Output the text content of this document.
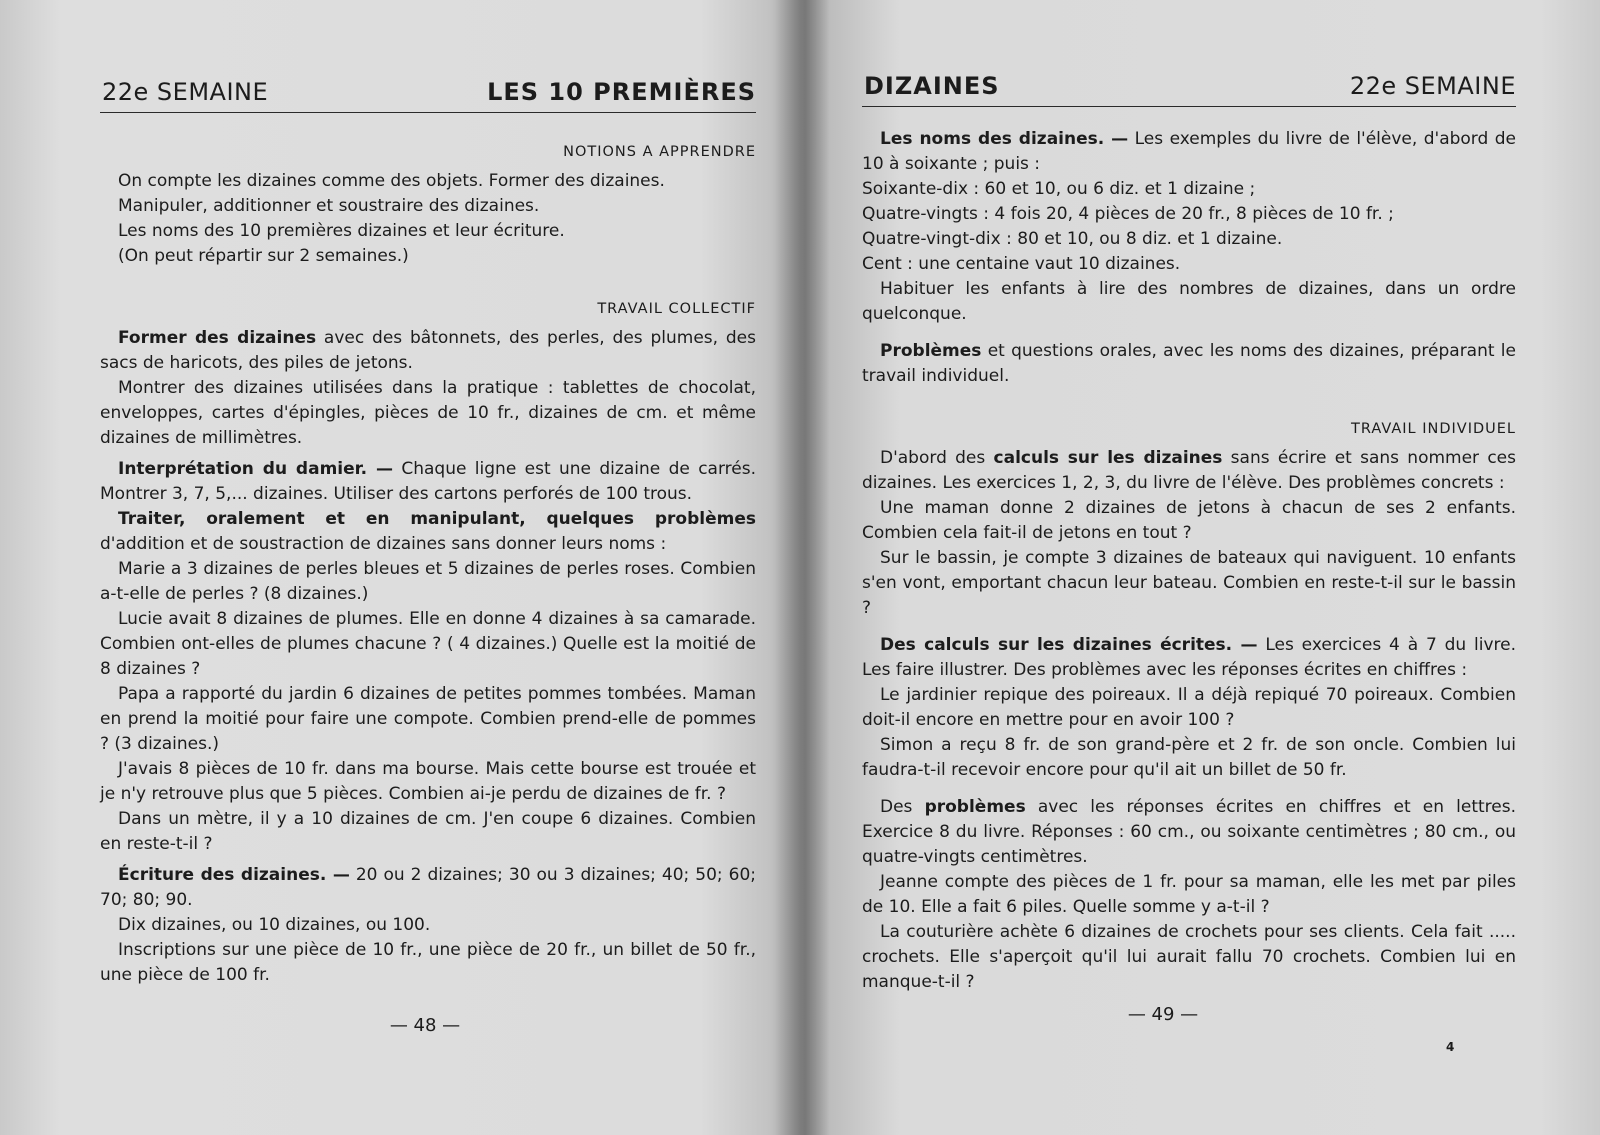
22e SEMAINE	LES 10 PREMIÈRES
NOTIONS A APPRENDRE

On compte les dizaines comme des objets. Former des dizaines.

Manipuler, additionner et soustraire des dizaines.

Les noms des 10 premières dizaines et leur écriture.

(On peut répartir sur 2 semaines.)

TRAVAIL COLLECTIF

Former des dizaines avec des bâtonnets, des perles, des plumes, des sacs de haricots, des piles de jetons.

Montrer des dizaines utilisées dans la pratique : tablettes de chocolat, enveloppes, cartes d'épingles, pièces de 10 fr., dizaines de cm. et même dizaines de millimètres.

Interprétation du damier. — Chaque ligne est une dizaine de carrés. Montrer 3, 7, 5,... dizaines. Utiliser des cartons perforés de 100 trous.

Traiter, oralement et en manipulant, quelques problèmes d'addition et de soustraction de dizaines sans donner leurs noms :

Marie a 3 dizaines de perles bleues et 5 dizaines de perles roses. Combien a-t-elle de perles ? (8 dizaines.)

Lucie avait 8 dizaines de plumes. Elle en donne 4 dizaines à sa camarade. Combien ont-elles de plumes chacune ? ( 4 dizaines.) Quelle est la moitié de 8 dizaines ?

Papa a rapporté du jardin 6 dizaines de petites pommes tombées. Maman en prend la moitié pour faire une compote. Combien prend-elle de pommes ? (3 dizaines.)

J'avais 8 pièces de 10 fr. dans ma bourse. Mais cette bourse est trouée et je n'y retrouve plus que 5 pièces. Combien ai-je perdu de dizaines de fr. ?

Dans un mètre, il y a 10 dizaines de cm. J'en coupe 6 dizaines. Combien en reste-t-il ?

Écriture des dizaines. — 20 ou 2 dizaines; 30 ou 3 dizaines; 40; 50; 60; 70; 80; 90.

Dix dizaines, ou 10 dizaines, ou 100.

Inscriptions sur une pièce de 10 fr., une pièce de 20 fr., un billet de 50 fr., une pièce de 100 fr.

— 48 —
DIZAINES	22e SEMAINE

Les noms des dizaines. — Les exemples du livre de l'élève, d'abord de 10 à soixante ; puis :

Soixante-dix : 60 et 10, ou 6 diz. et 1 dizaine ;

Quatre-vingts : 4 fois 20, 4 pièces de 20 fr., 8 pièces de 10 fr. ;

Quatre-vingt-dix : 80 et 10, ou 8 diz. et 1 dizaine.

Cent : une centaine vaut 10 dizaines.

Habituer les enfants à lire des nombres de dizaines, dans un ordre quelconque.

Problèmes et questions orales, avec les noms des dizaines, préparant le travail individuel.

TRAVAIL INDIVIDUEL

D'abord des calculs sur les dizaines sans écrire et sans nommer ces dizaines. Les exercices 1, 2, 3, du livre de l'élève. Des problèmes concrets :

Une maman donne 2 dizaines de jetons à chacun de ses 2 enfants. Combien cela fait-il de jetons en tout ?

Sur le bassin, je compte 3 dizaines de bateaux qui naviguent. 10 enfants s'en vont, emportant chacun leur bateau. Combien en reste-t-il sur le bassin ?

Des calculs sur les dizaines écrites. — Les exercices 4 à 7 du livre. Les faire illustrer. Des problèmes avec les réponses écrites en chiffres :

Le jardinier repique des poireaux. Il a déjà repiqué 70 poireaux. Combien doit-il encore en mettre pour en avoir 100 ?

Simon a reçu 8 fr. de son grand-père et 2 fr. de son oncle. Combien lui faudra-t-il recevoir encore pour qu'il ait un billet de 50 fr.

Des problèmes avec les réponses écrites en chiffres et en lettres. Exercice 8 du livre. Réponses : 60 cm., ou soixante centimètres ; 80 cm., ou quatre-vingts centimètres.

Jeanne compte des pièces de 1 fr. pour sa maman, elle les met par piles de 10. Elle a fait 6 piles. Quelle somme y a-t-il ?

La couturière achète 6 dizaines de crochets pour ses clients. Cela fait ..... crochets. Elle s'aperçoit qu'il lui aurait fallu 70 crochets. Combien lui en manque-t-il ?

— 49 —
4
